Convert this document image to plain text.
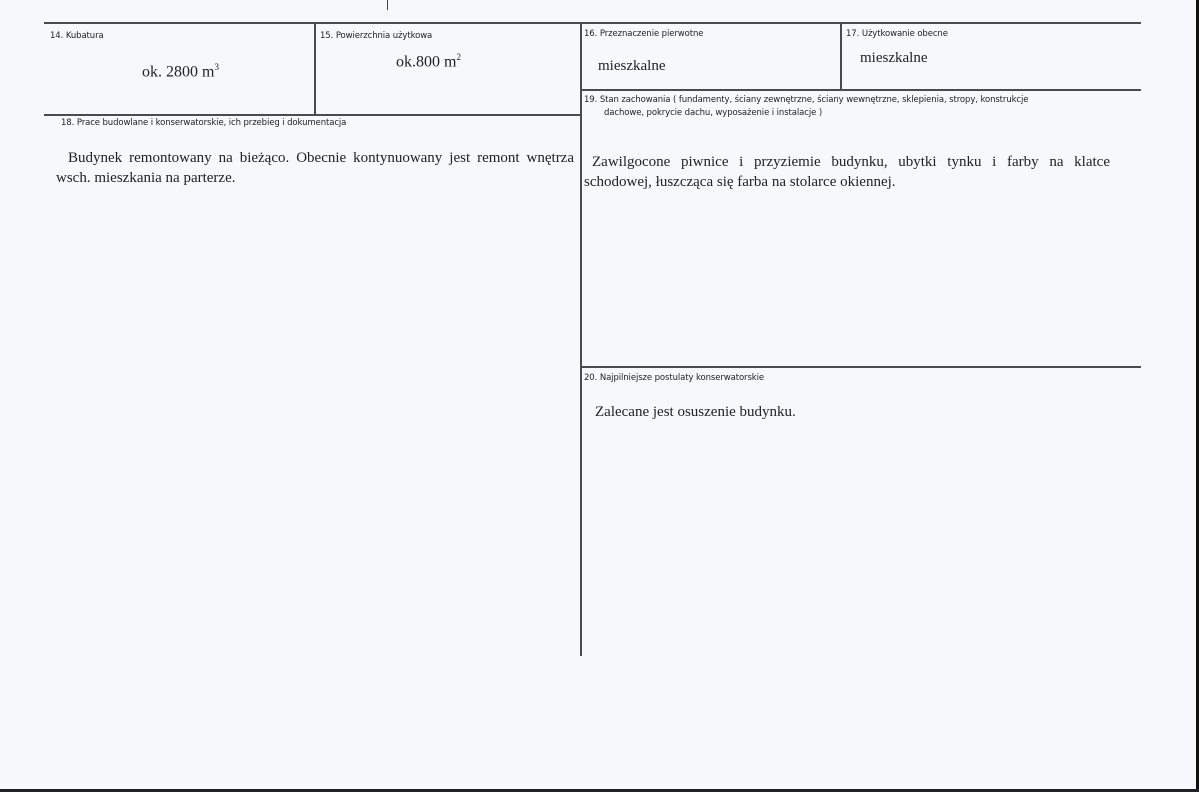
14. Kubatura
ok. 2800 $m^3$
15. Powierzchnia użytkowa
ok.800 $m^2$
16. Przeznaczenie pierwotne
mieszkalne
17. Użytkowanie obecne
mieszkalne
18. Prace budowlane i konserwatorskie, ich przebieg i dokumentacja
Budynek remontowany na bieżąco. Obecnie kontynuowany jest remont wnętrza wsch. mieszkania na parterze.
19. Stan zachowania ( fundamenty, ściany zewnętrzne, ściany wewnętrzne, sklepienia, stropy, konstrukcje
dachowe, pokrycie dachu, wyposażenie i instalacje )
Zawilgocone piwnice i przyziemie budynku, ubytki tynku i farby na klatce schodowej, łuszcząca się farba na stolarce okiennej.
20. Najpilniejsze postulaty konserwatorskie
Zalecane jest osuszenie budynku.
